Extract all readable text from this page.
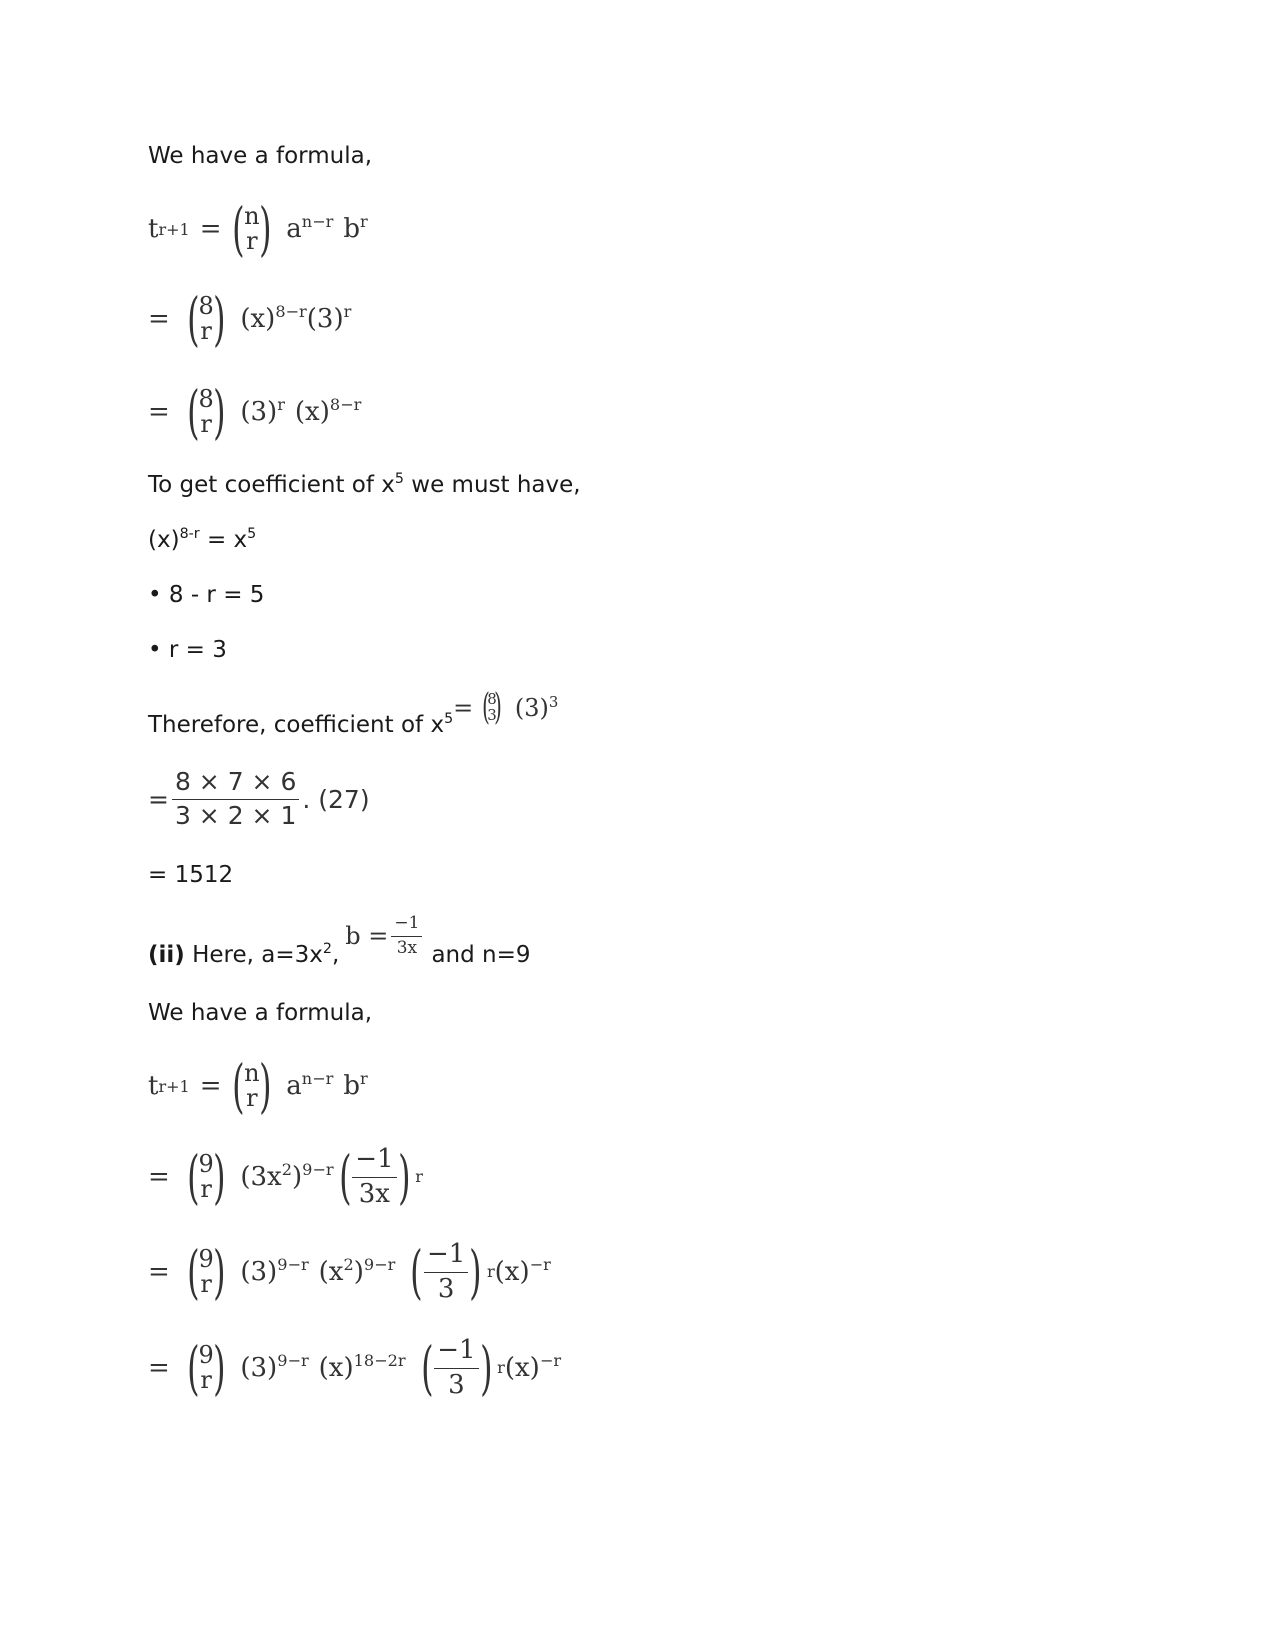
We have a formula,
t r+1 = ( n
r ) $a^{n-r}$ $b^r$
= ( 8
r ) $(x)^{8-r}$ $(3)^r$
= ( 8
r ) $(3)^r$ $(x)^{8-r}$
To get coefficient of $x^5$ we must have,
$(x)^{8-r} = x^5$
• 8 - r = 5
• r = 3
Therefore, coefficient of $x^5$ = (
8
3
) $(3)^3$
= $\frac{8 \times 7 \times 6}{3 \times 2 \times 1}$ . (27)
= 1512
(ii) Here, $a=3x^2$,
$b = \frac{-1}{3x}$ and n=9
We have a formula,
t r+1 = ( n
r ) $a^{n-r}$ $b^r$
= ( 9
r ) $(3x^2)^{9-r}$ ( $\frac{-1}{3x}$ ) r
= ( 9
r ) $(3)^{9-r}$ $(x^2)^{9-r}$ ( $\frac{-1}{3}$ ) r $(x)^{-r}$
= ( 9
r ) $(3)^{9-r}$ $(x)^{18-2r}$ ( $\frac{-1}{3}$ ) r $(x)^{-r}$
